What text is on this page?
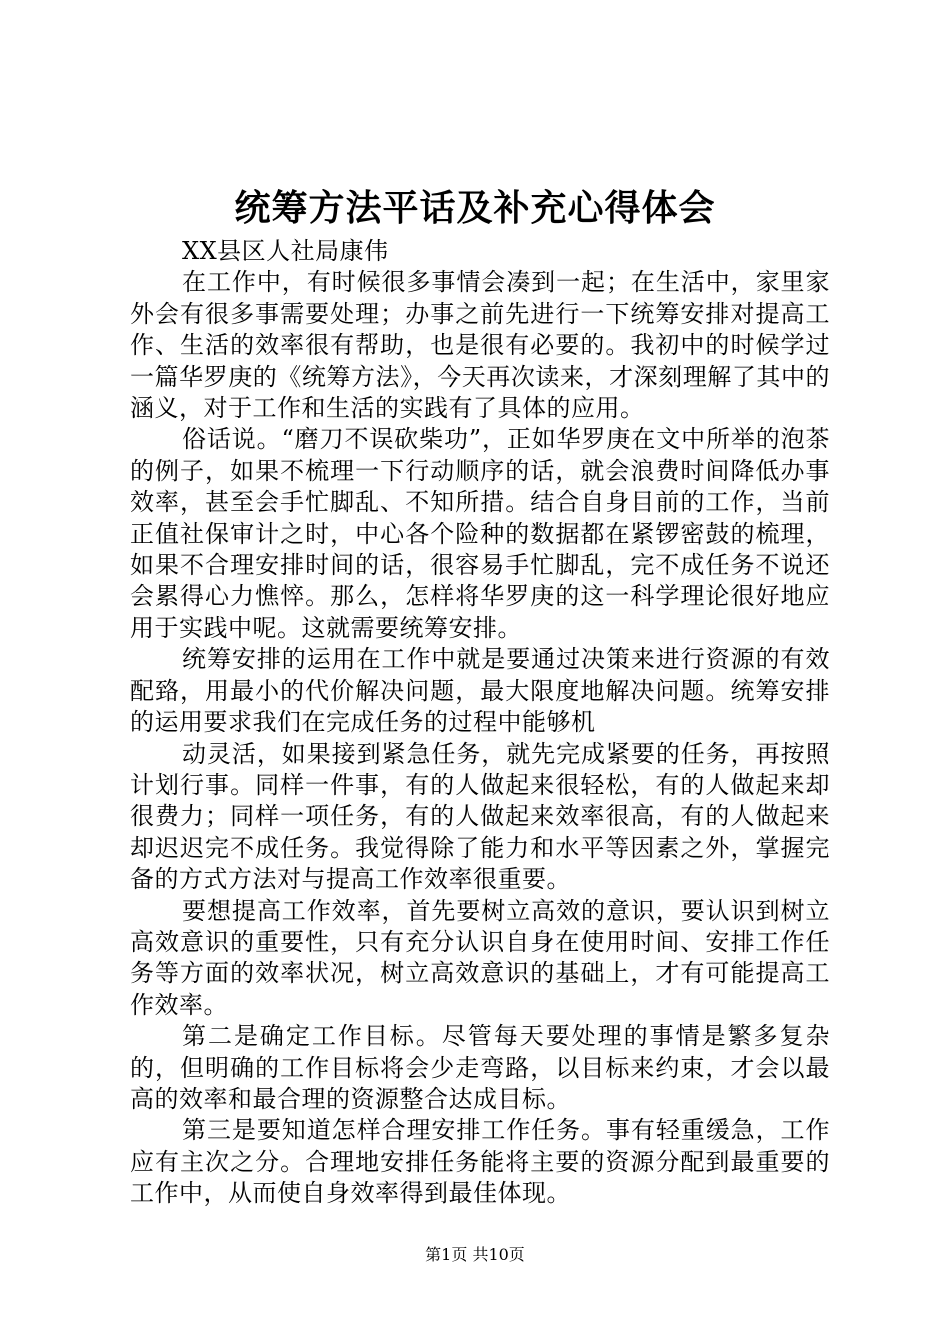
统筹方法平话及补充心得体会

XX县区人社局康伟

在工作中，有时候很多事情会凑到一起；在生活中，家里家外会有很多事需要处理；办事之前先进行一下统筹安排对提高工作、生活的效率很有帮助，也是很有必要的。我初中的时候学过一篇华罗庚的《统筹方法》，今天再次读来，才深刻理解了其中的涵义，对于工作和生活的实践有了具体的应用。

俗话说。“磨刀不误砍柴功”，正如华罗庚在文中所举的泡茶的例子，如果不梳理一下行动顺序的话，就会浪费时间降低办事效率，甚至会手忙脚乱、不知所措。结合自身目前的工作，当前正值社保审计之时，中心各个险种的数据都在紧锣密鼓的梳理，如果不合理安排时间的话，很容易手忙脚乱，完不成任务不说还会累得心力憔悴。那么，怎样将华罗庚的这一科学理论很好地应用于实践中呢。这就需要统筹安排。

统筹安排的运用在工作中就是要通过决策来进行资源的有效配臵，用最小的代价解决问题，最大限度地解决问题。统筹安排的运用要求我们在完成任务的过程中能够机

动灵活，如果接到紧急任务，就先完成紧要的任务，再按照计划行事。同样一件事，有的人做起来很轻松，有的人做起来却很费力；同样一项任务，有的人做起来效率很高，有的人做起来却迟迟完不成任务。我觉得除了能力和水平等因素之外，掌握完备的方式方法对与提高工作效率很重要。

要想提高工作效率，首先要树立高效的意识，要认识到树立高效意识的重要性，只有充分认识自身在使用时间、安排工作任务等方面的效率状况，树立高效意识的基础上，才有可能提高工作效率。

第二是确定工作目标。尽管每天要处理的事情是繁多复杂的，但明确的工作目标将会少走弯路，以目标来约束，才会以最高的效率和最合理的资源整合达成目标。

第三是要知道怎样合理安排工作任务。事有轻重缓急，工作应有主次之分。合理地安排任务能将主要的资源分配到最重要的工作中，从而使自身效率得到最佳体现。

第1页 共10页
